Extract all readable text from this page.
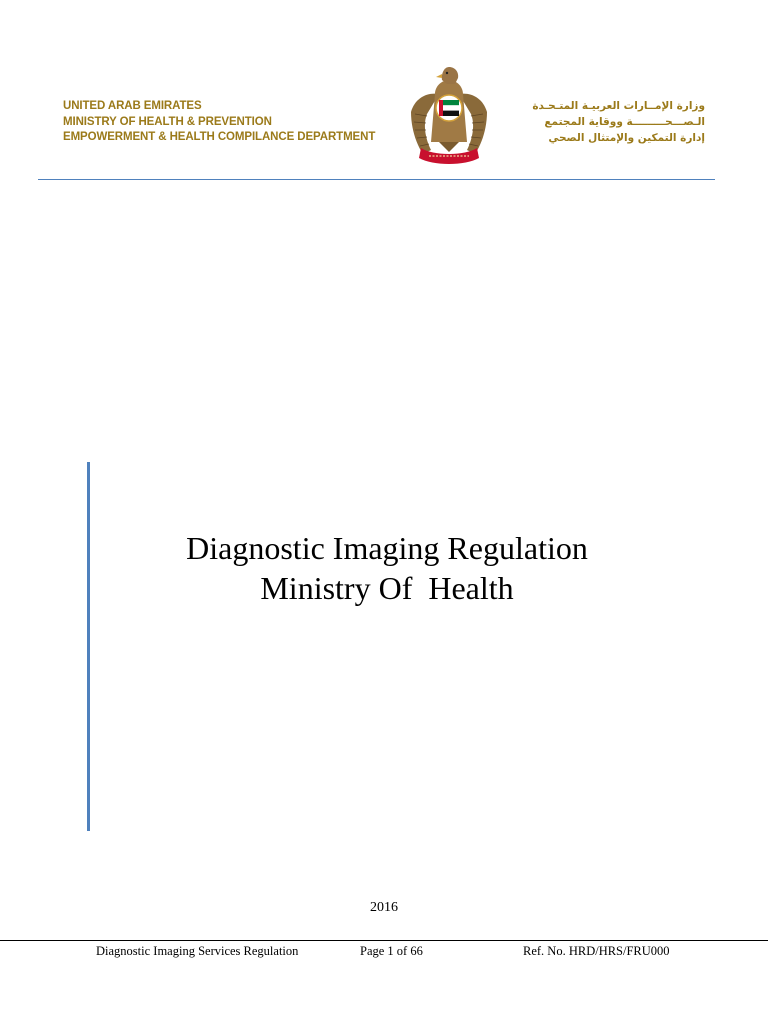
UNITED ARAB EMIRATES
MINISTRY OF HEALTH & PREVENTION
EMPOWERMENT & HEALTH COMPILANCE DEPARTMENT
وزارة الإمــارات العربيـة المتـحـدة
الـصـــحـــــــــة ووقاية المجتمع
إدارة التمكين والإمتثال الصحي
Diagnostic Imaging Regulation
Ministry Of  Health
2016
Diagnostic Imaging Services Regulation	Page 1 of 66	Ref. No. HRD/HRS/FRU000
